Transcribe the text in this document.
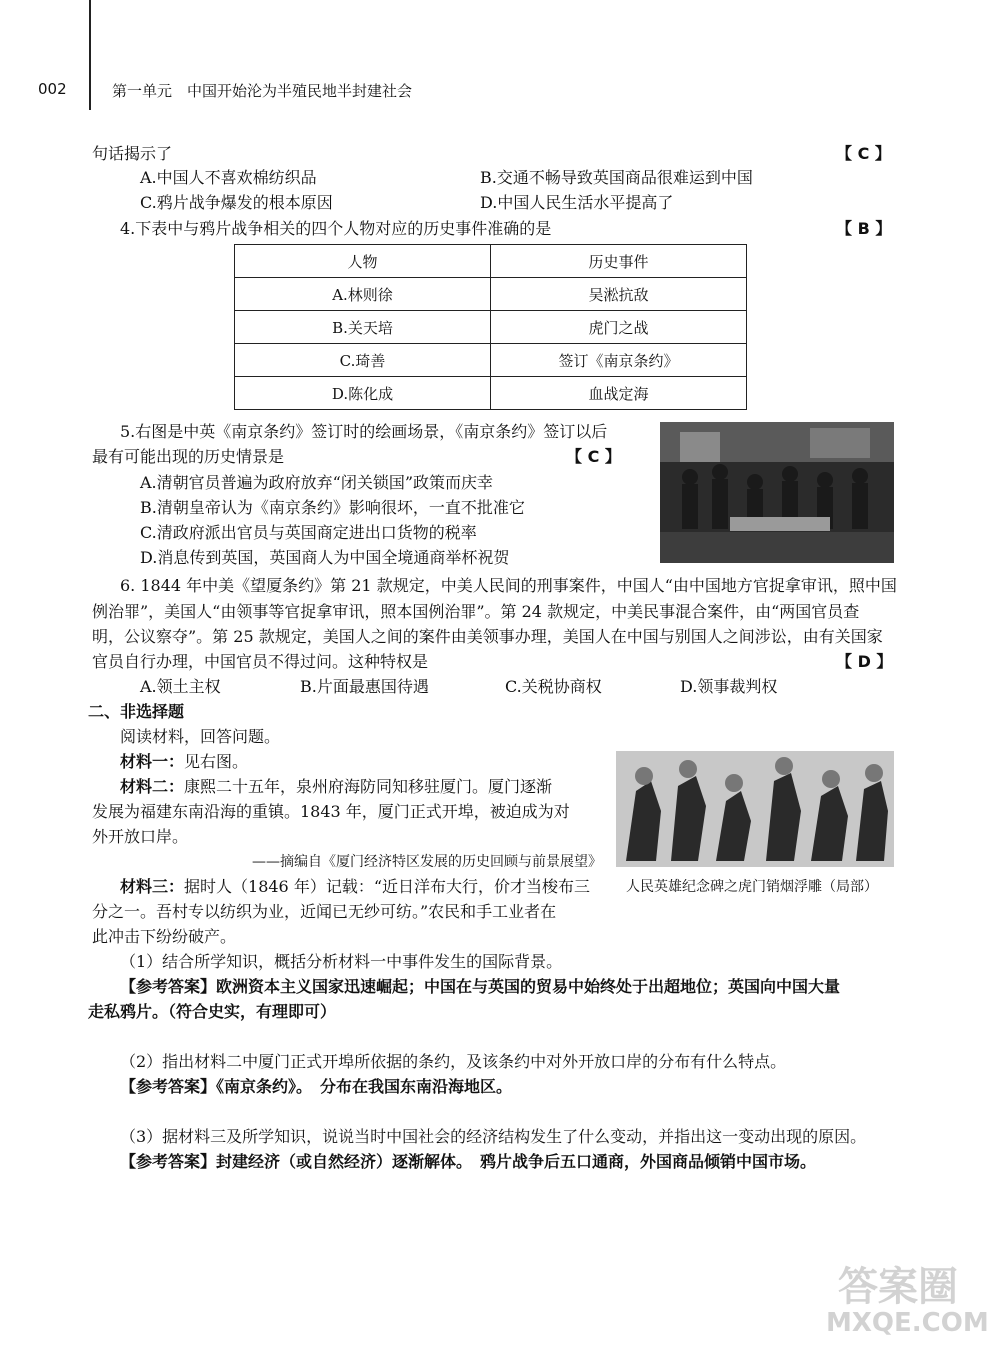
002	第一单元　中国开始沦为半殖民地半封建社会
句话揭示了	【 C 】
A.中国人不喜欢棉纺织品	B.交通不畅导致英国商品很难运到中国
C.鸦片战争爆发的根本原因	D.中国人民生活水平提高了
4.下表中与鸦片战争相关的四个人物对应的历史事件准确的是	【 B 】
人物	历史事件
A.林则徐	吴淞抗敌
B.关天培	虎门之战
C.琦善	签订《南京条约》
D.陈化成	血战定海
5.右图是中英《南京条约》签订时的绘画场景，《南京条约》签订以后
最有可能出现的历史情景是	【 C 】
A.清朝官员普遍为政府放弃“闭关锁国”政策而庆幸
B.清朝皇帝认为《南京条约》影响很坏，一直不批准它
C.清政府派出官员与英国商定进出口货物的税率
D.消息传到英国，英国商人为中国全境通商举杯祝贺
6. 1844 年中美《望厦条约》第 21 款规定，中美人民间的刑事案件，中国人“由中国地方官捉拿审讯，照中国
例治罪”，美国人“由领事等官捉拿审讯，照本国例治罪”。第 24 款规定，中美民事混合案件，由“两国官员查
明，公议察夺”。第 25 款规定，美国人之间的案件由美领事办理，美国人在中国与别国人之间涉讼，由有关国家
官员自行办理，中国官员不得过问。这种特权是	【 D 】
A.领土主权	B.片面最惠国待遇	C.关税协商权	D.领事裁判权
二、非选择题
阅读材料，回答问题。
材料一：见右图。
材料二：康熙二十五年，泉州府海防同知移驻厦门。厦门逐渐
发展为福建东南沿海的重镇。1843 年，厦门正式开埠，被迫成为对
外开放口岸。
——摘编自《厦门经济特区发展的历史回顾与前景展望》
材料三：据时人（1846 年）记载：“近日洋布大行，价才当梭布三
分之一。吾村专以纺织为业，近闻已无纱可纺。”农民和手工业者在
此冲击下纷纷破产。
人民英雄纪念碑之虎门销烟浮雕（局部）
（1）结合所学知识，概括分析材料一中事件发生的国际背景。
【参考答案】欧洲资本主义国家迅速崛起；中国在与英国的贸易中始终处于出超地位；英国向中国大量
走私鸦片。（符合史实，有理即可）
（2）指出材料二中厦门正式开埠所依据的条约，及该条约中对外开放口岸的分布有什么特点。
【参考答案】《南京条约》。　分布在我国东南沿海地区。
（3）据材料三及所学知识，说说当时中国社会的经济结构发生了什么变动，并指出这一变动出现的原因。
【参考答案】封建经济（或自然经济）逐渐解体。　鸦片战争后五口通商，外国商品倾销中国市场。
答案圈
MXQE.COM
